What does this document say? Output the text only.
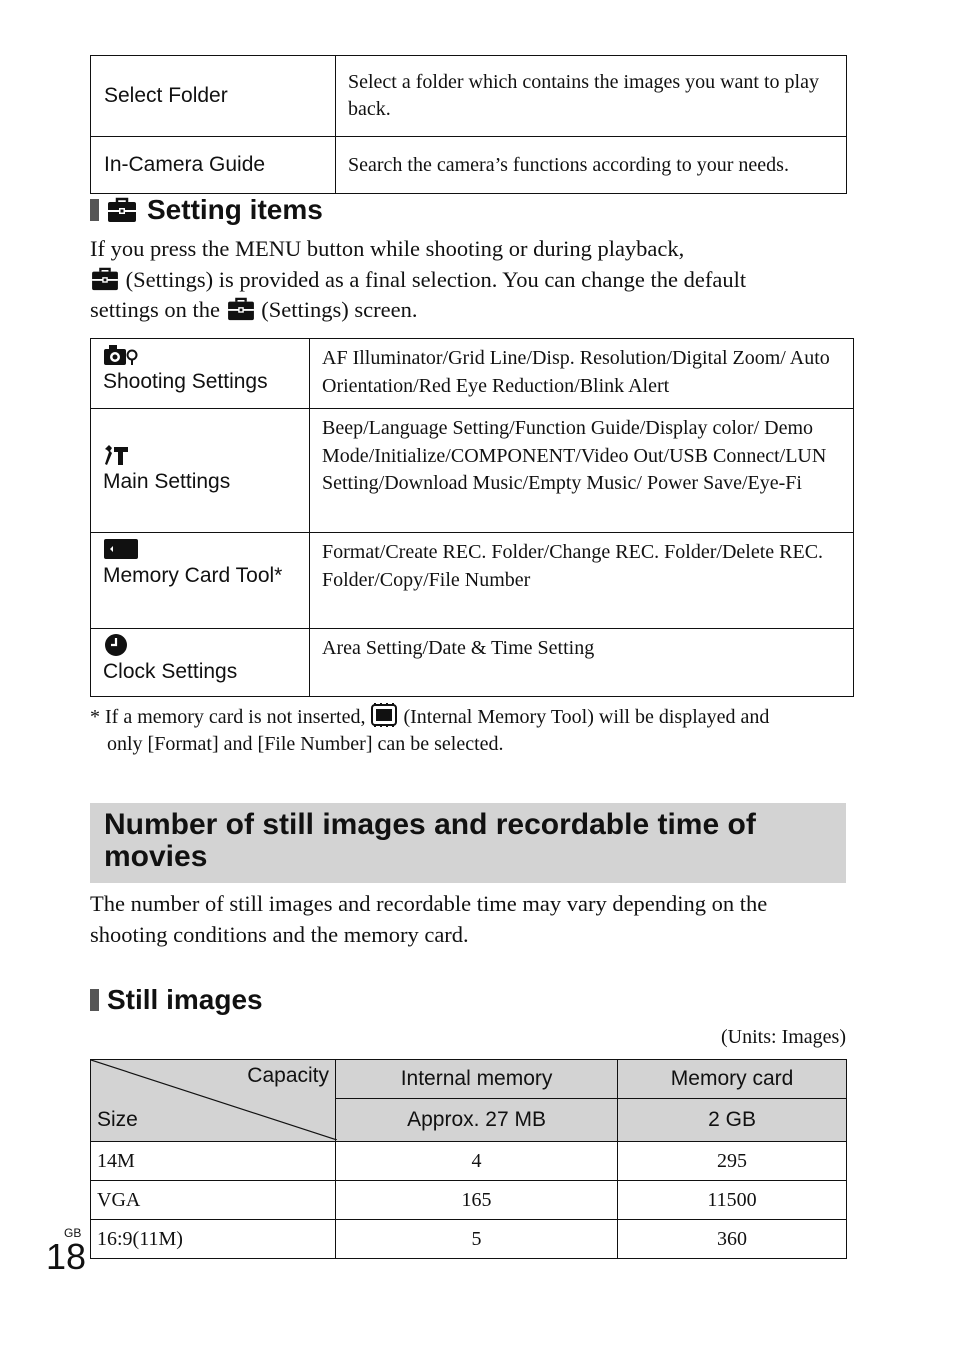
Select Folder	Select a folder which contains the images you want to play back.
In-Camera Guide	Search the camera’s functions according to your needs.
Setting items
If you press the MENU button while shooting or during playback,
(Settings) is provided as a final selection. You can change the default
settings on the  (Settings) screen.
Shooting Settings	AF Illuminator/Grid Line/Disp. Resolution/Digital Zoom/ Auto Orientation/Red Eye Reduction/Blink Alert

Main Settings	Beep/Language Setting/Function Guide/Display color/ Demo Mode/Initialize/COMPONENT/Video Out/USB Connect/LUN Setting/Download Music/Empty Music/ Power Save/Eye-Fi

Memory Card Tool*	Format/Create REC. Folder/Change REC. Folder/Delete REC. Folder/Copy/File Number

Clock Settings	Area Setting/Date & Time Setting
* If a memory card is not inserted,  (Internal Memory Tool) will be displayed and
only [Format] and [File Number] can be selected.
Number of still images and recordable time of movies
The number of still images and recordable time may vary depending on the shooting conditions and the memory card.
Still images
(Units: Images)
Capacity
Size	Internal memory	Memory card
	Approx. 27 MB	2 GB
14M	4	295
VGA	165	11500
16:9(11M)	5	360
GB
18
